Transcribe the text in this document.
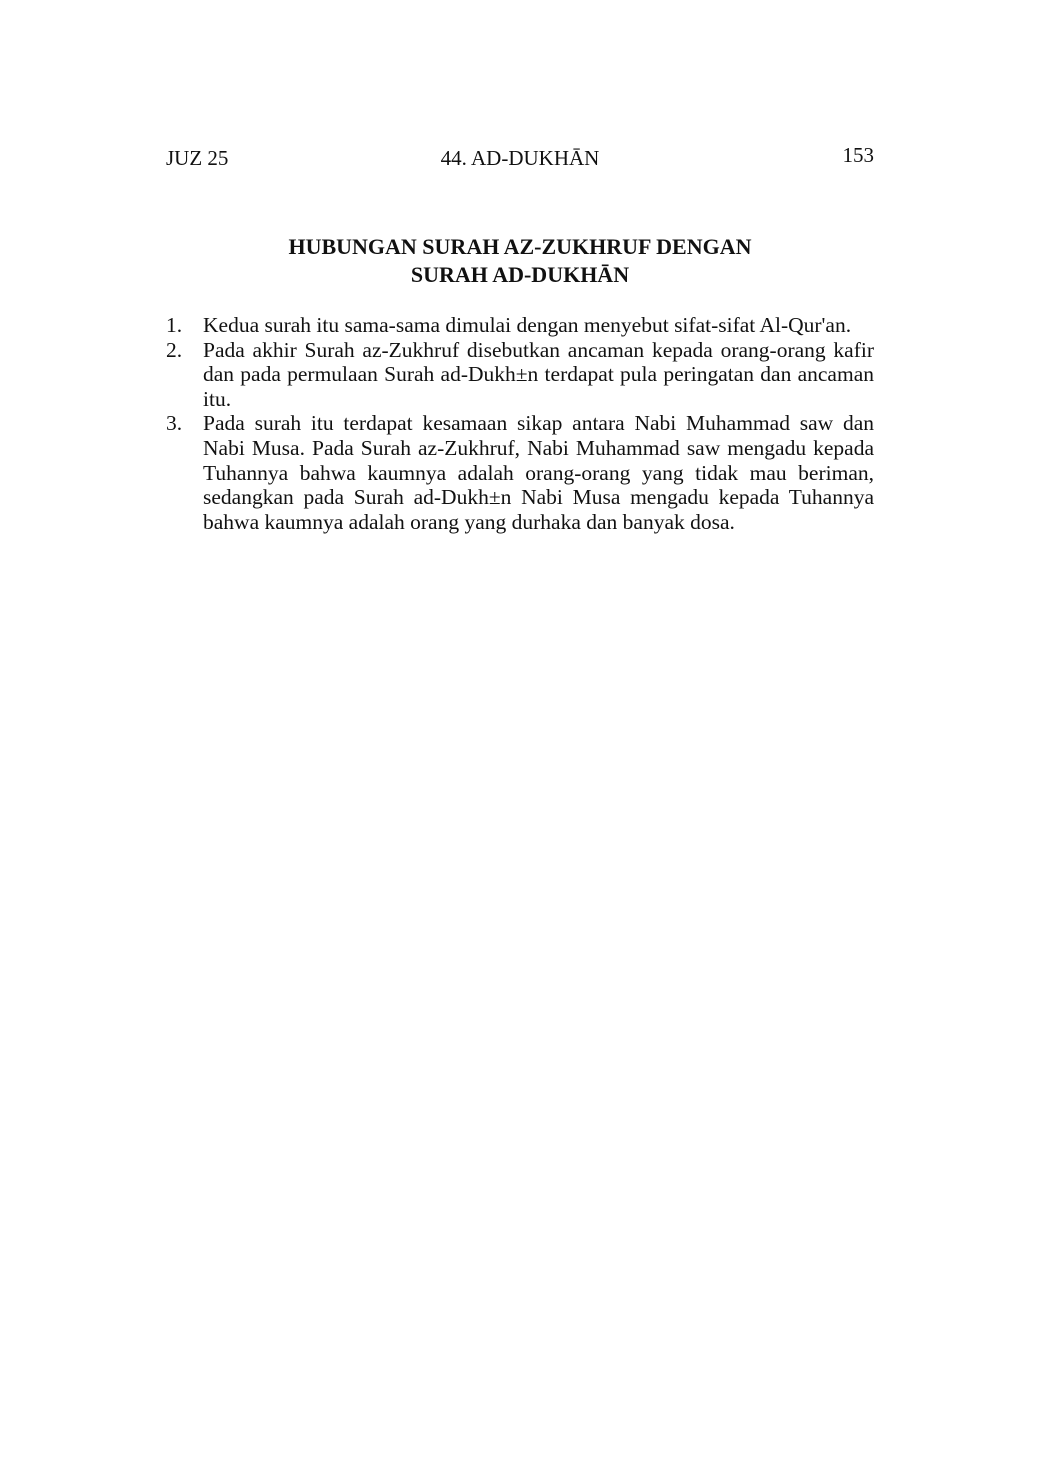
JUZ 25	44. AD-DUKHĀN	153
HUBUNGAN SURAH AZ-ZUKHRUF DENGAN
SURAH AD-DUKHĀN
1. Kedua surah itu sama-sama dimulai dengan menyebut sifat-sifat Al-Qur'an.
2. Pada akhir Surah az-Zukhruf disebutkan ancaman kepada orang-orang kafir dan pada permulaan Surah ad-Dukh±n terdapat pula peringatan dan ancaman itu.
3. Pada surah itu terdapat kesamaan sikap antara Nabi Muhammad saw dan Nabi Musa. Pada Surah az-Zukhruf, Nabi Muhammad saw mengadu kepada Tuhannya bahwa kaumnya adalah orang-orang yang tidak mau beriman, sedangkan pada Surah ad-Dukh±n Nabi Musa mengadu kepada Tuhannya bahwa kaumnya adalah orang yang durhaka dan banyak dosa.
